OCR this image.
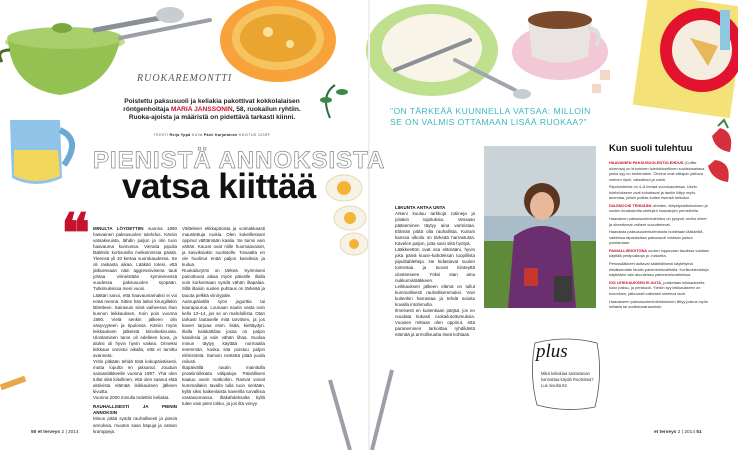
RUOKAREMONTTI
Poistettu paksusuoli ja keliakia pakottivat kokkolalaisen
röntgenhoitaja MARIA JANSSONIN, 58, ruokailun ryhtiin.
Ruoka-ajoista ja määristä on pidettävä tarkasti kiinni.
TEKSTI Reija Yppä KUVA Päivi Karjalainen KUVITUS 123RF
PIENISTÄ ANNOKSISTA
vatsa kiittää
❝ MINULTA LÖYDETTIIN vuonna 1990 haavainen paksusuolen tulehdus. Kärsin vatsakivuista, lähdin paljon ja olin tuon haavauma kunnossa. Vieraita pipulia lääkittiin kortisonilla melkeinmista päistä. Yleensä yli 20 kertaa vuorokaudessa. Se oli raskasta aikaa. Lääkäri totesi, että jatkuessaan näin aggressiivisena tauti johtaa viimeistään kymmenessä vuodessa paksusuolen syöpään. Tutkimuksissa meni vuosi.

Lääkäri sanoi, että haavaumamaksi ei voi enää mennä. Sitten hän laittoi kirurgillekin lähetteen. Sairasuin siinä vaiheessa ihan kunnon leikkauksen. Koin pois vuonna 1990. Vielä senkin jälkeen olin väsyvyyteen ja tipulossa. Kärsin myös leikkauksen jälkeistä kiinnikekivuista. Ulostamisen tarve oli edelleen kova, ja aluksi oli hyvin hyvin vaikea. Onneksi leikkaus onnistui aikalla, että ei tarvittu avanneta.

Yritin pitkään tehdä töitä kokopäiväisesti, mutta lopulta en jaksanut. Jouduin sairaseläkkeelle vuonna 1997. Yhä olen tullut siitä kiitollinen, että olen saanut elää aktiivista elämää leikkauksen jälkeen kivuitta.

Vuonna 2000 minulla todettiin keliakia.

RAUHALLISESTI JA PIENIN ANNOKSIN

Minun pitää syödä rauhallisesti ja pieniä annoksia, muuten saan käpuja ja vatsan kramppeja.

Vältteleen etikkapitoisia ja voimakkaasti maustettuja ruokia. Olen kokeillessani oppinut välttämään kaalia. Se toimii vain vähän. Kaurat ovat niille huomaavaiset, ja kasviksiakin suolistolle. Toisaalta en ole huolinut enää paljon kasviksia ja kuitua.

Ruokailurytmi on tärkeä. Syömiseni painottuvat aikaa myös päivälle. Illalla voin korkeintaan syödä vähän iltapalaa. Sillä iltaisin suolen puhtaus on tärkeää ja tauota pelkkä viinirypäle.

Aamupäivällä syön jogurttia tai kaurapuuroa. Lounaan nautin vasta noin kello 13–14, jos se on mahdollista. Otan tarkasti lautaselle mitä tarvitsen, ja jos kaveri tarjoaa esim. lisää, kieltäydyn. Illalla kalakattilaa jossa on paljon kasviksia ja vain vähän lihaa. Suolaa minun täytyy käyttää normaalia enemmän, koska sitä poistuu paljon elimistöstä. Samoin nestettä pitää juoda reilusti.

Iltapäivällä nautin mainitulla proteiinirikkaita välipaloja. Päivälliseni kaatuu usein matkoihin. Rasvat voivat kummallakin tavalla tulla tuon sentään, kyllä siksi kaikenlaista kaverilla turvallisia vastasunnassa. Iltakahdeksalta kyllä tulee vain pieni tokko, ja jos ilta venyy.

LIIKUNTA ANTAA UNTA

Arkeni kuuluu tarkkoja rutiineja ja joitakin rajoituksia. Vessaan pääseminen täytyy aina varmistaa. Elämän pitää olla rauhallista. Koirani kanssa ulkoilu on tärkeää harrastusta. Kävelen paljon, jotta saisi siitä hyötyä.

Lääkkeettön ovat osa elämääni, hyvin joka päivä kuusi–kahdeksan tuopillista pipulitabletteja. Ne hidastavat suolen toimintaa ja tuovat kiinteyttä ulosteeseen. Yöksi otan aina nukkumislääkkeen.

Leikkauksen jälkeen elämä on tullut kummallisesti rauhallisemmaksi. Voin kuitenkin harrastaa ja tehdä asioita kovalla intohimolla.

Ilmeisesti en kuitenkaan pärjää, jos en noudata tiukasti ruokailutottumuksia. Vuosien mittaan olen oppinut, että paraneminen tarkoittaa ryhdikästä elämää ja armollisuutta itseä kohtaan.

50 et terveys 2 | 2014
"ON TÄRKEÄÄ KUUNNELLA VATSAA: MILLOIN SE ON VALMIS OTTAMAAN LISÄÄ RUOKAA?"
Kun suoli tulehtuu

HAAVAINEN PAKSUSUOLENTULEHDUS (Colitis ulcerosa) on krooninen tulehduksellinen suolistosairaus, jonka syy on tuntematon. Oireina ovat väliajoin jatkuva verinen ripuli, vatsakivut ja vointi.

Ripulointeista on 4–8 kertaa vuorokaudessa. Usein tulehdukseen ovat kohottavat ja tautiin liittyy myös anemiaa, jolloin potilas tuntee itsensä heikoksi.

DIAGNOOSI TEHDÄÄN oireiden, tähystystutkimuksen ja suolen limakalvolta otettujen koepalojen perusteella.

Haavainen paksusuolentulehdus on pysyvä, mutta oireet ja oireettomat vaiheet vuorottelevat.

Haavaista paksusuolentulehdusta hoidetaan lääkkeillä, vaikeissa tapauksissa paksusuoli voidaan joutua poistamaan.

PAINALLISHOITONA suolen loppuosan taudissa voidaan käyttää peräpuikkoja ja -ruiskeita.

Perussääkkeet auttavat sääntöllisesti käytettyinä ehkäisemään taudin pahenemisvaiheita. Kortikosteroideja käytetään vain akuuteissa pahenemisvaiheissa.

IOS LEIKKAUKSEN EI AUTA, poistetaan leikkauksella koko paksu- ja peräsuoli. Yleisin syy leikkaukseen on krooninen, jatkuvasti vaikeasti oireileva tauti.

Haavaiseen paksusuolentulehdukseen liittyy joskus myös keliakia tai suolistosairausriski.

plus
Mikä keliakiaa sairastavan kannattaa käydä Ruotsissa? Lue sivulta 62.
et terveys 2 | 2014 51
